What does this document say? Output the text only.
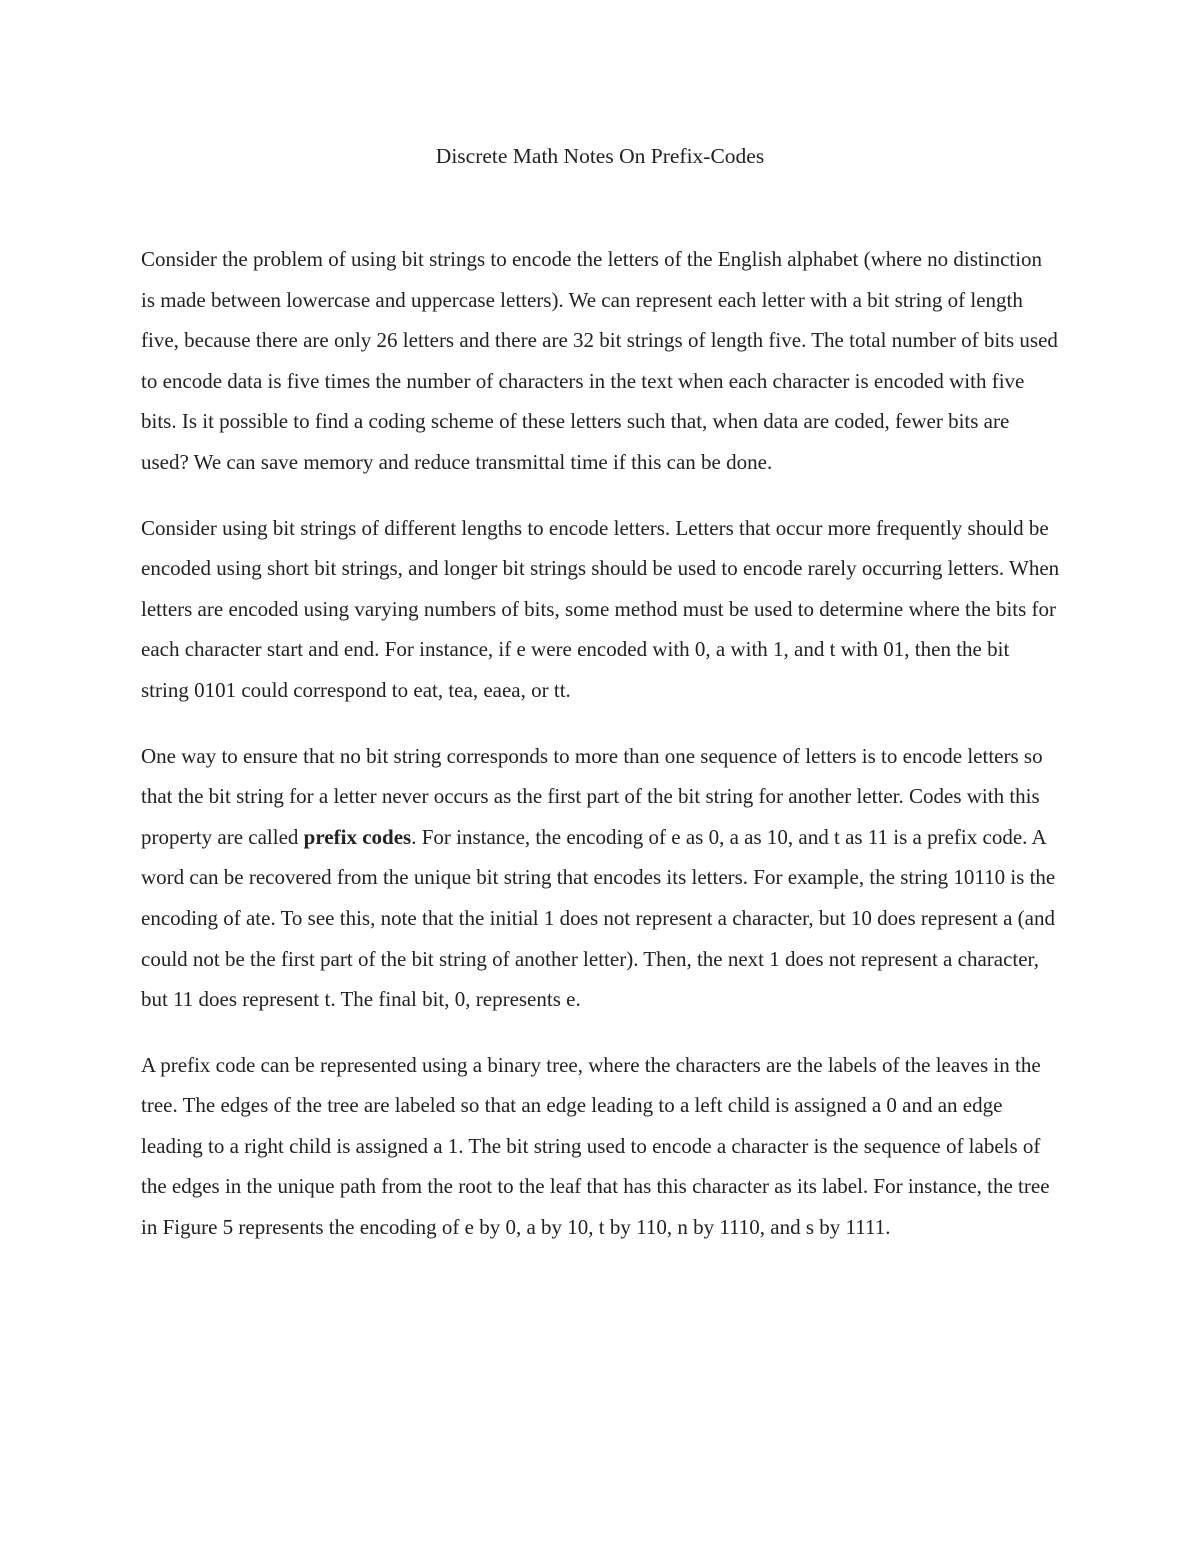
Discrete Math Notes On Prefix-Codes

Consider the problem of using bit strings to encode the letters of the English alphabet (where no distinction is made between lowercase and uppercase letters). We can represent each letter with a bit string of length five, because there are only 26 letters and there are 32 bit strings of length five. The total number of bits used to encode data is five times the number of characters in the text when each character is encoded with five bits. Is it possible to find a coding scheme of these letters such that, when data are coded, fewer bits are used? We can save memory and reduce transmittal time if this can be done.

Consider using bit strings of different lengths to encode letters. Letters that occur more frequently should be encoded using short bit strings, and longer bit strings should be used to encode rarely occurring letters. When letters are encoded using varying numbers of bits, some method must be used to determine where the bits for each character start and end. For instance, if e were encoded with 0, a with 1, and t with 01, then the bit string 0101 could correspond to eat, tea, eaea, or tt.

One way to ensure that no bit string corresponds to more than one sequence of letters is to encode letters so that the bit string for a letter never occurs as the first part of the bit string for another letter. Codes with this property are called prefix codes. For instance, the encoding of e as 0, a as 10, and t as 11 is a prefix code. A word can be recovered from the unique bit string that encodes its letters. For example, the string 10110 is the encoding of ate. To see this, note that the initial 1 does not represent a character, but 10 does represent a (and could not be the first part of the bit string of another letter). Then, the next 1 does not represent a character, but 11 does represent t. The final bit, 0, represents e.

A prefix code can be represented using a binary tree, where the characters are the labels of the leaves in the tree. The edges of the tree are labeled so that an edge leading to a left child is assigned a 0 and an edge leading to a right child is assigned a 1. The bit string used to encode a character is the sequence of labels of the edges in the unique path from the root to the leaf that has this character as its label. For instance, the tree in Figure 5 represents the encoding of e by 0, a by 10, t by 110, n by 1110, and s by 1111.
